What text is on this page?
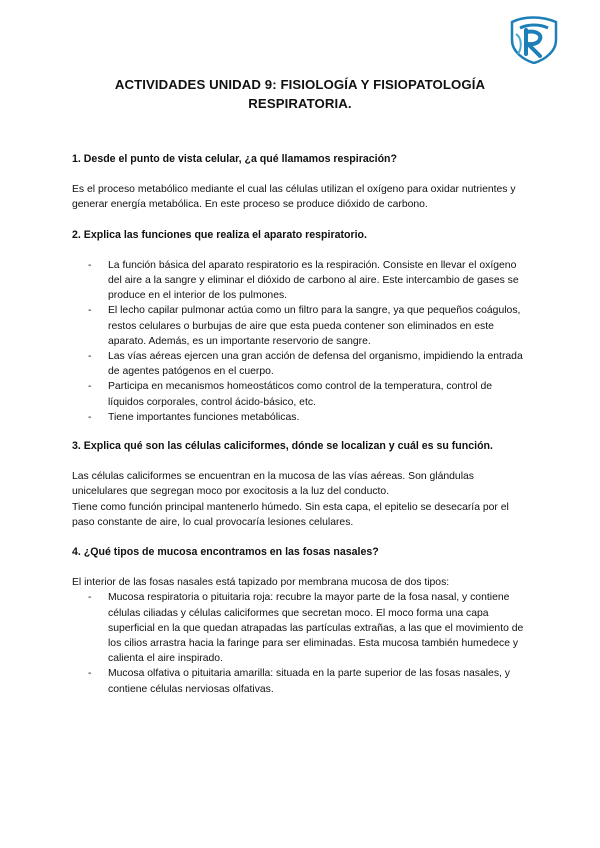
ACTIVIDADES UNIDAD 9: FISIOLOGÍA Y FISIOPATOLOGÍA
RESPIRATORIA.

1. Desde el punto de vista celular, ¿a qué llamamos respiración?

Es el proceso metabólico mediante el cual las células utilizan el oxígeno para oxidar nutrientes y generar energía metabólica. En este proceso se produce dióxido de carbono.

2. Explica las funciones que realiza el aparato respiratorio.

- La función básica del aparato respiratorio es la respiración. Consiste en llevar el oxígeno del aire a la sangre y eliminar el dióxido de carbono al aire. Este intercambio de gases se produce en el interior de los pulmones.
- El lecho capilar pulmonar actúa como un filtro para la sangre, ya que pequeños coágulos, restos celulares o burbujas de aire que esta pueda contener son eliminados en este aparato. Además, es un importante reservorio de sangre.
- Las vías aéreas ejercen una gran acción de defensa del organismo, impidiendo la entrada de agentes patógenos en el cuerpo.
- Participa en mecanismos homeostáticos como control de la temperatura, control de líquidos corporales, control ácido-básico, etc.
- Tiene importantes funciones metabólicas.

3. Explica qué son las células caliciformes, dónde se localizan y cuál es su función.

Las células caliciformes se encuentran en la mucosa de las vías aéreas. Son glándulas unicelulares que segregan moco por exocitosis a la luz del conducto.

Tiene como función principal mantenerlo húmedo. Sin esta capa, el epitelio se desecaría por el paso constante de aire, lo cual provocaría lesiones celulares.

4. ¿Qué tipos de mucosa encontramos en las fosas nasales?

El interior de las fosas nasales está tapizado por membrana mucosa de dos tipos:

- Mucosa respiratoria o pituitaria roja: recubre la mayor parte de la fosa nasal, y contiene células ciliadas y células caliciformes que secretan moco. El moco forma una capa superficial en la que quedan atrapadas las partículas extrañas, a las que el movimiento de los cilios arrastra hacia la faringe para ser eliminadas. Esta mucosa también humedece y calienta el aire inspirado.
- Mucosa olfativa o pituitaria amarilla: situada en la parte superior de las fosas nasales, y contiene células nerviosas olfativas.
